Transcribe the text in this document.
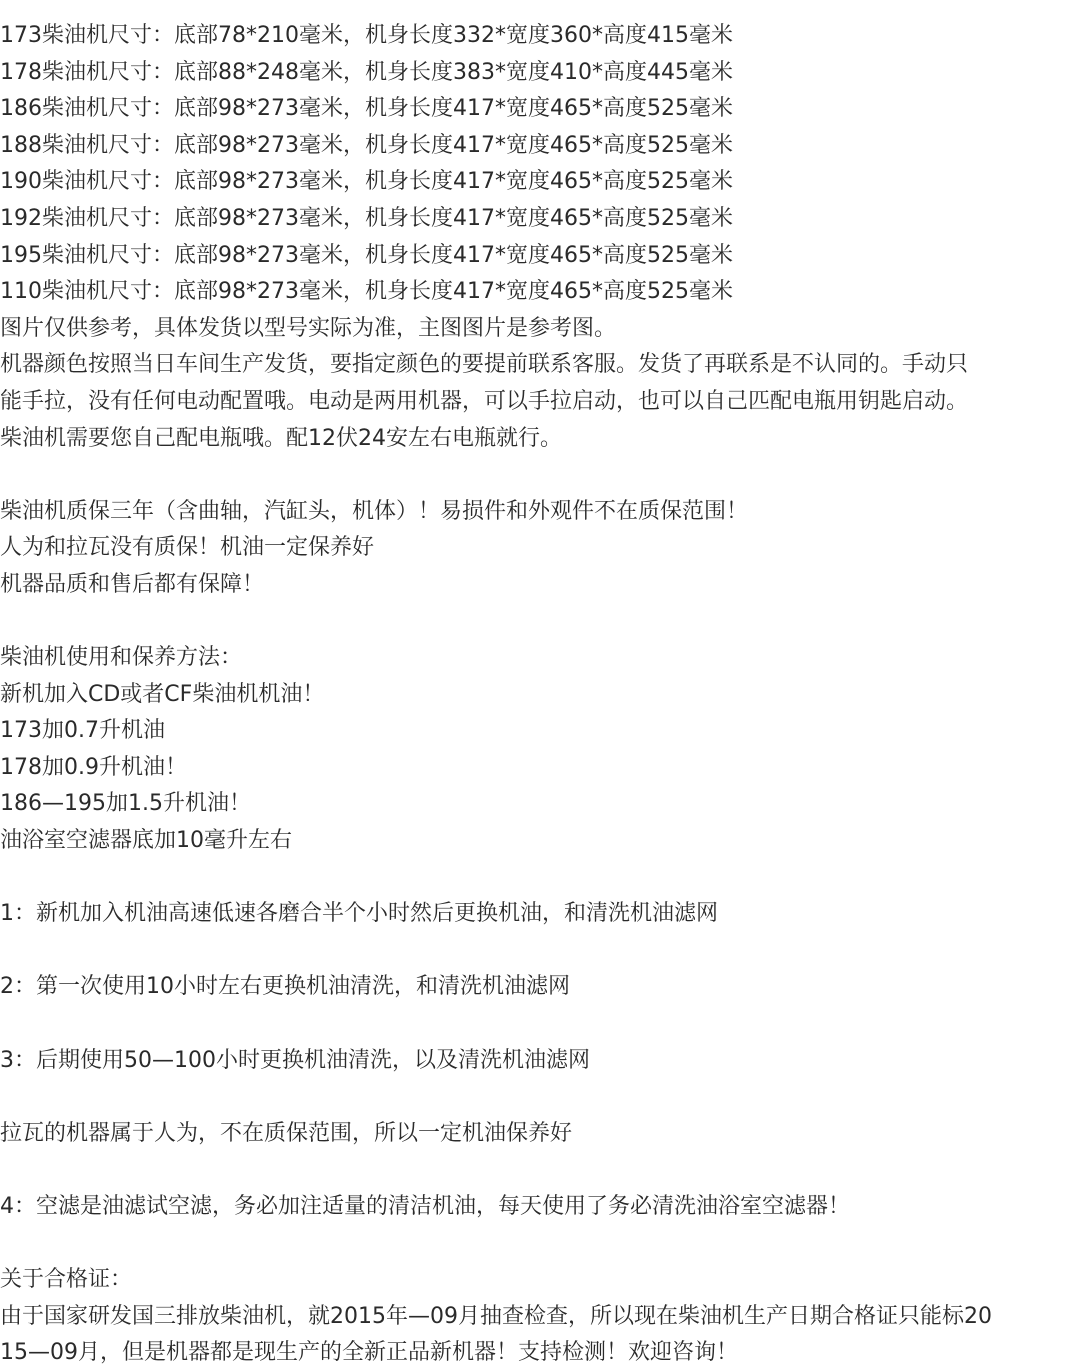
173柴油机尺寸：底部78*210毫米，机身长度332*宽度360*高度415毫米
178柴油机尺寸：底部88*248毫米，机身长度383*宽度410*高度445毫米
186柴油机尺寸：底部98*273毫米，机身长度417*宽度465*高度525毫米
188柴油机尺寸：底部98*273毫米，机身长度417*宽度465*高度525毫米
190柴油机尺寸：底部98*273毫米，机身长度417*宽度465*高度525毫米
192柴油机尺寸：底部98*273毫米，机身长度417*宽度465*高度525毫米
195柴油机尺寸：底部98*273毫米，机身长度417*宽度465*高度525毫米
110柴油机尺寸：底部98*273毫米，机身长度417*宽度465*高度525毫米
图片仅供参考，具体发货以型号实际为准，主图图片是参考图。
机器颜色按照当日车间生产发货，要指定颜色的要提前联系客服。发货了再联系是不认同的。手动只
能手拉，没有任何电动配置哦。电动是两用机器，可以手拉启动，也可以自己匹配电瓶用钥匙启动。
柴油机需要您自己配电瓶哦。配12伏24安左右电瓶就行。
柴油机质保三年（含曲轴，汽缸头，机体）！易损件和外观件不在质保范围！
人为和拉瓦没有质保！机油一定保养好
机器品质和售后都有保障！
柴油机使用和保养方法：
新机加入CD或者CF柴油机机油！
173加0.7升机油
178加0.9升机油！
186—195加1.5升机油！
油浴室空滤器底加10毫升左右
1：新机加入机油高速低速各磨合半个小时然后更换机油，和清洗机油滤网
2：第一次使用10小时左右更换机油清洗，和清洗机油滤网
3：后期使用50—100小时更换机油清洗，以及清洗机油滤网
拉瓦的机器属于人为，不在质保范围，所以一定机油保养好
4：空滤是油滤试空滤，务必加注适量的清洁机油，每天使用了务必清洗油浴室空滤器！
关于合格证：
由于国家研发国三排放柴油机，就2015年—09月抽查检查，所以现在柴油机生产日期合格证只能标20
15—09月，但是机器都是现生产的全新正品新机器！支持检测！欢迎咨询！
